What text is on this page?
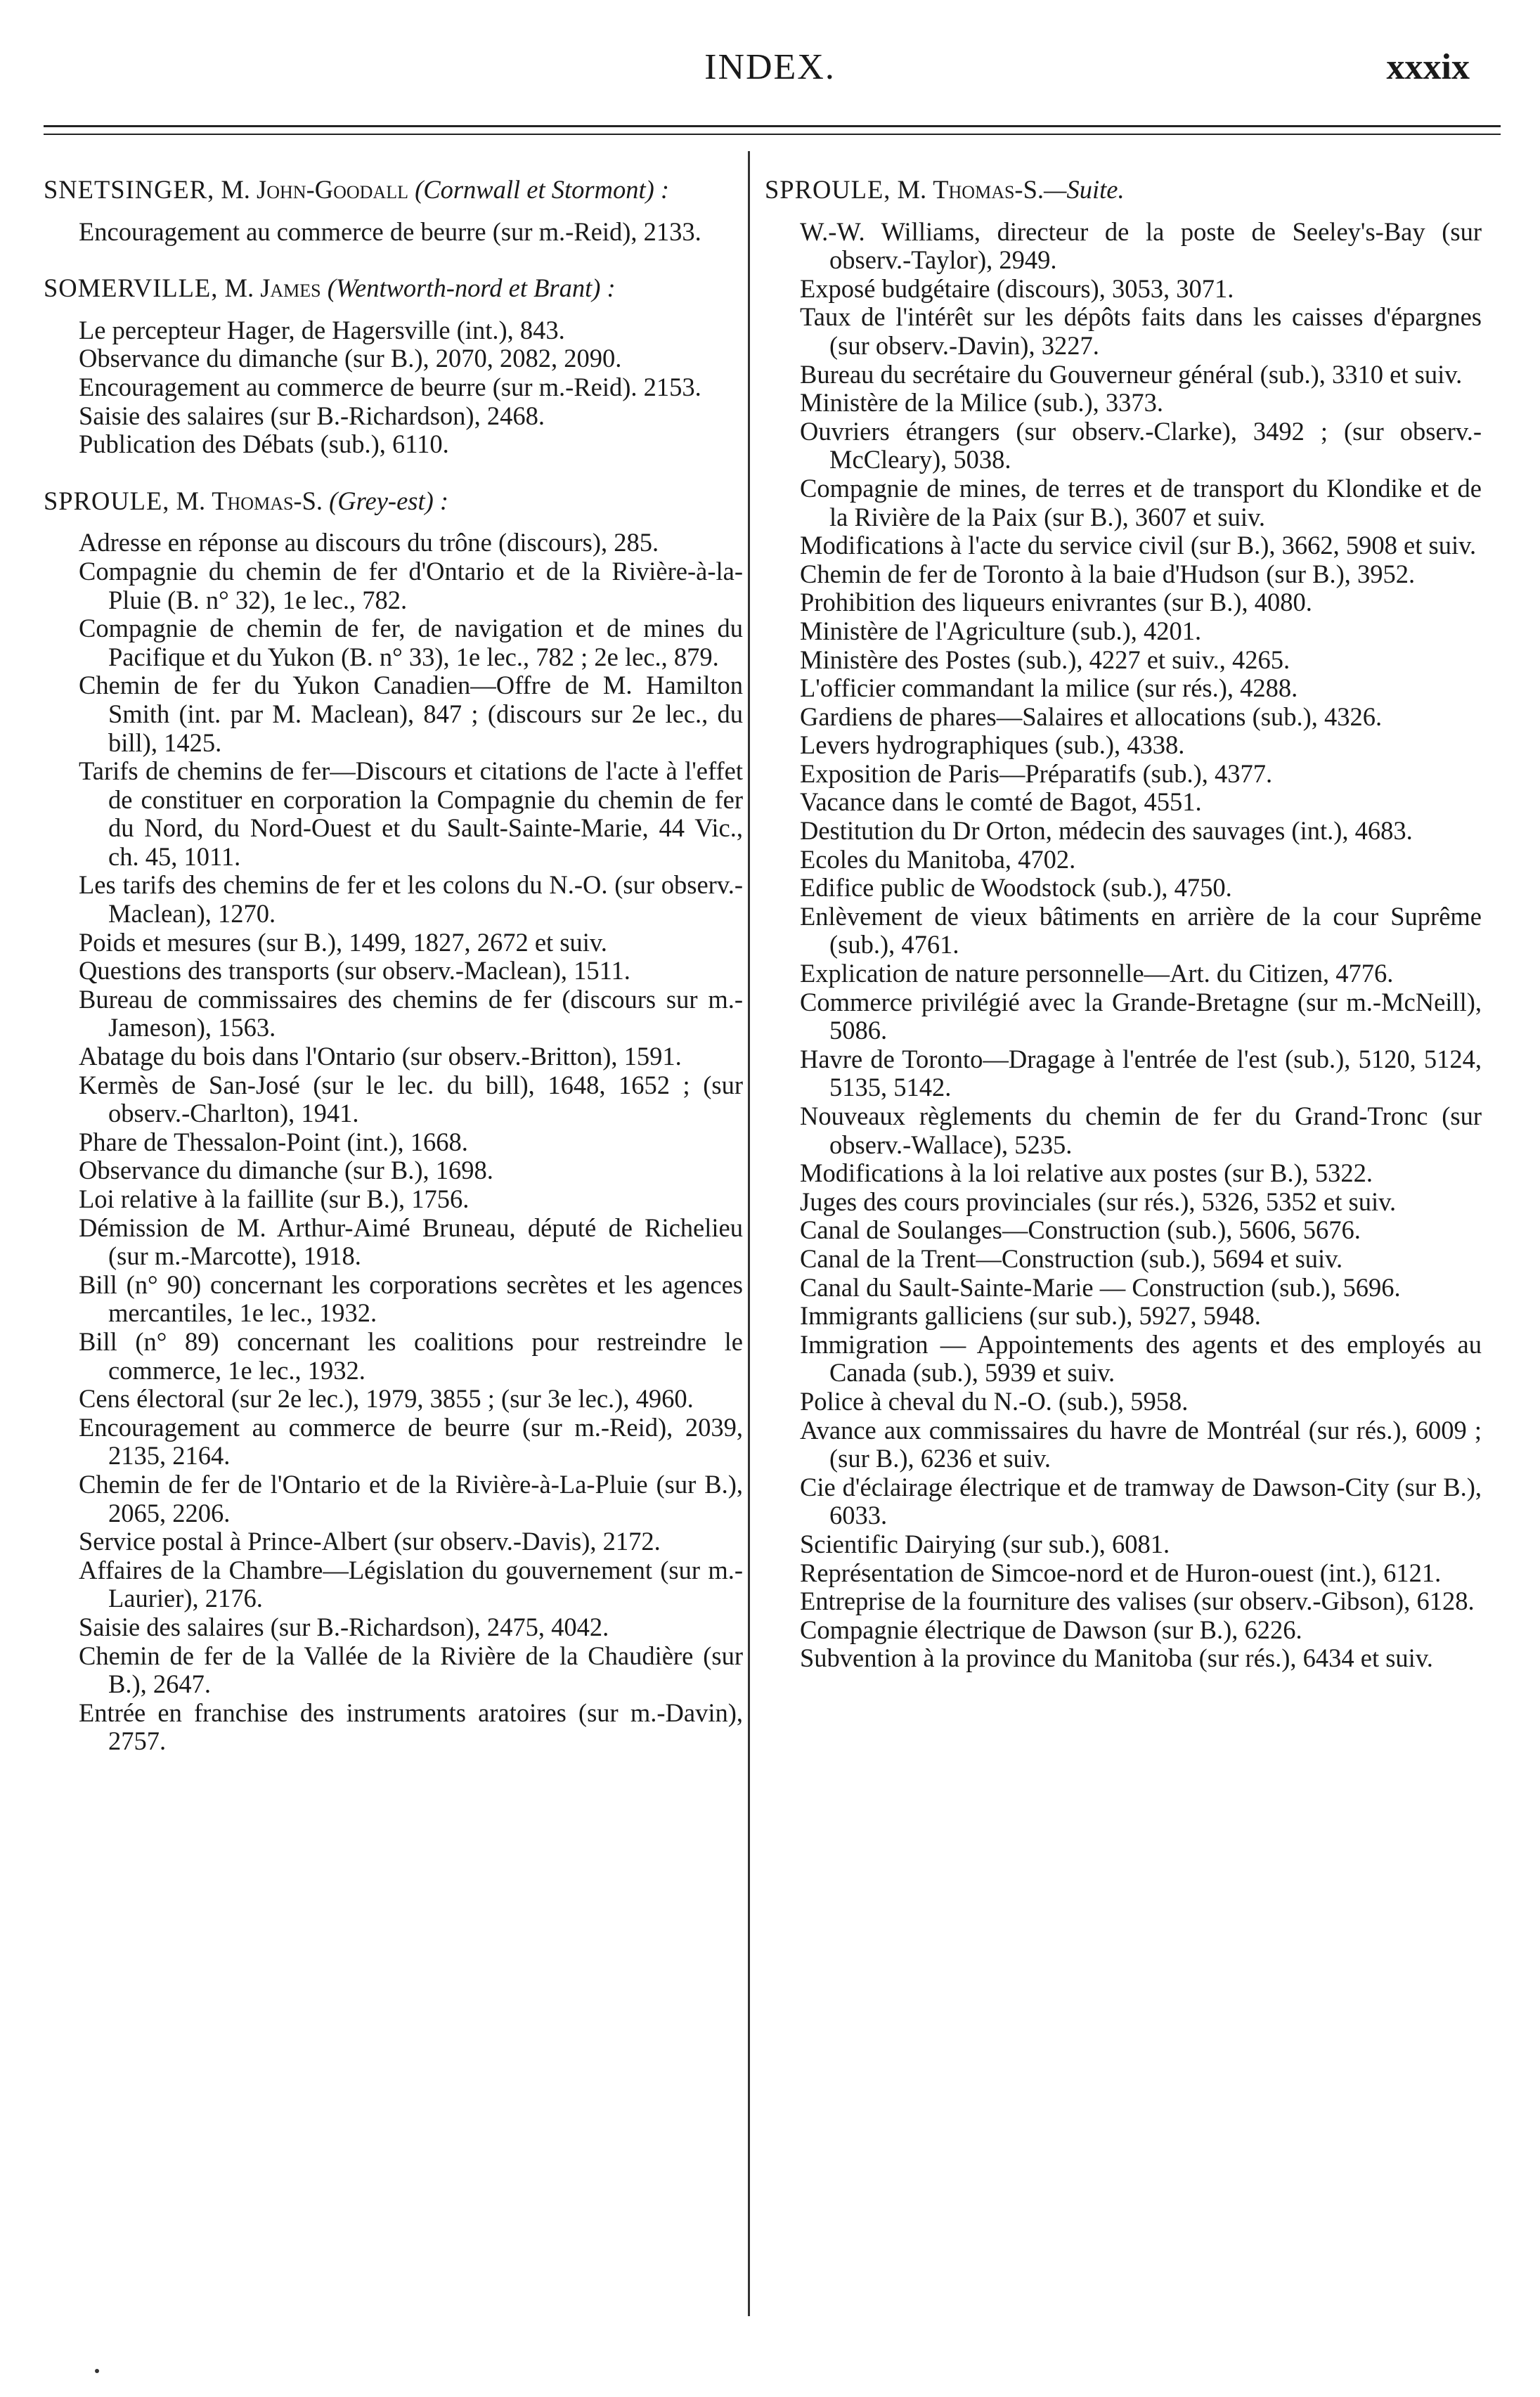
INDEX.	xxxix

SNETSINGER, M. John-Goodall (Cornwall et Stormont) :

Encouragement au commerce de beurre (sur m.-Reid), 2133.

SOMERVILLE, M. James (Wentworth-nord et Brant) :

Le percepteur Hager, de Hagersville (int.), 843.

Observance du dimanche (sur B.), 2070, 2082, 2090.

Encouragement au commerce de beurre (sur m.-Reid). 2153.

Saisie des salaires (sur B.-Richardson), 2468.

Publication des Débats (sub.), 6110.

SPROULE, M. Thomas-S. (Grey-est) :

Adresse en réponse au discours du trône (discours), 285.

Compagnie du chemin de fer d'Ontario et de la Rivière-à-la-Pluie (B. n° 32), 1e lec., 782.

Compagnie de chemin de fer, de navigation et de mines du Pacifique et du Yukon (B. n° 33), 1e lec., 782 ; 2e lec., 879.

Chemin de fer du Yukon Canadien—Offre de M. Hamilton Smith (int. par M. Maclean), 847 ; (discours sur 2e lec., du bill), 1425.

Tarifs de chemins de fer—Discours et citations de l'acte à l'effet de constituer en corporation la Compagnie du chemin de fer du Nord, du Nord-Ouest et du Sault-Sainte-Marie, 44 Vic., ch. 45, 1011.

Les tarifs des chemins de fer et les colons du N.-O. (sur observ.-Maclean), 1270.

Poids et mesures (sur B.), 1499, 1827, 2672 et suiv.

Questions des transports (sur observ.-Maclean), 1511.

Bureau de commissaires des chemins de fer (discours sur m.-Jameson), 1563.

Abatage du bois dans l'Ontario (sur observ.-Britton), 1591.

Kermès de San-José (sur le lec. du bill), 1648, 1652 ; (sur observ.-Charlton), 1941.

Phare de Thessalon-Point (int.), 1668.

Observance du dimanche (sur B.), 1698.

Loi relative à la faillite (sur B.), 1756.

Démission de M. Arthur-Aimé Bruneau, député de Richelieu (sur m.-Marcotte), 1918.

Bill (n° 90) concernant les corporations secrètes et les agences mercantiles, 1e lec., 1932.

Bill (n° 89) concernant les coalitions pour restreindre le commerce, 1e lec., 1932.

Cens électoral (sur 2e lec.), 1979, 3855 ; (sur 3e lec.), 4960.

Encouragement au commerce de beurre (sur m.-Reid), 2039, 2135, 2164.

Chemin de fer de l'Ontario et de la Rivière-à-La-Pluie (sur B.), 2065, 2206.

Service postal à Prince-Albert (sur observ.-Davis), 2172.

Affaires de la Chambre—Législation du gouvernement (sur m.-Laurier), 2176.

Saisie des salaires (sur B.-Richardson), 2475, 4042.

Chemin de fer de la Vallée de la Rivière de la Chaudière (sur B.), 2647.

Entrée en franchise des instruments aratoires (sur m.-Davin), 2757.

SPROULE, M. Thomas-S.—Suite.

W.-W. Williams, directeur de la poste de Seeley's-Bay (sur observ.-Taylor), 2949.

Exposé budgétaire (discours), 3053, 3071.

Taux de l'intérêt sur les dépôts faits dans les caisses d'épargnes (sur observ.-Davin), 3227.

Bureau du secrétaire du Gouverneur général (sub.), 3310 et suiv.

Ministère de la Milice (sub.), 3373.

Ouvriers étrangers (sur observ.-Clarke), 3492 ; (sur observ.-McCleary), 5038.

Compagnie de mines, de terres et de transport du Klondike et de la Rivière de la Paix (sur B.), 3607 et suiv.

Modifications à l'acte du service civil (sur B.), 3662, 5908 et suiv.

Chemin de fer de Toronto à la baie d'Hudson (sur B.), 3952.

Prohibition des liqueurs enivrantes (sur B.), 4080.

Ministère de l'Agriculture (sub.), 4201.

Ministère des Postes (sub.), 4227 et suiv., 4265.

L'officier commandant la milice (sur rés.), 4288.

Gardiens de phares—Salaires et allocations (sub.), 4326.

Levers hydrographiques (sub.), 4338.

Exposition de Paris—Préparatifs (sub.), 4377.

Vacance dans le comté de Bagot, 4551.

Destitution du Dr Orton, médecin des sauvages (int.), 4683.

Ecoles du Manitoba, 4702.

Edifice public de Woodstock (sub.), 4750.

Enlèvement de vieux bâtiments en arrière de la cour Suprême (sub.), 4761.

Explication de nature personnelle—Art. du Citizen, 4776.

Commerce privilégié avec la Grande-Bretagne (sur m.-McNeill), 5086.

Havre de Toronto—Dragage à l'entrée de l'est (sub.), 5120, 5124, 5135, 5142.

Nouveaux règlements du chemin de fer du Grand-Tronc (sur observ.-Wallace), 5235.

Modifications à la loi relative aux postes (sur B.), 5322.

Juges des cours provinciales (sur rés.), 5326, 5352 et suiv.

Canal de Soulanges—Construction (sub.), 5606, 5676.

Canal de la Trent—Construction (sub.), 5694 et suiv.

Canal du Sault-Sainte-Marie — Construction (sub.), 5696.

Immigrants galliciens (sur sub.), 5927, 5948.

Immigration — Appointements des agents et des employés au Canada (sub.), 5939 et suiv.

Police à cheval du N.-O. (sub.), 5958.

Avance aux commissaires du havre de Montréal (sur rés.), 6009 ; (sur B.), 6236 et suiv.

Cie d'éclairage électrique et de tramway de Dawson-City (sur B.), 6033.

Scientific Dairying (sur sub.), 6081.

Représentation de Simcoe-nord et de Huron-ouest (int.), 6121.

Entreprise de la fourniture des valises (sur observ.-Gibson), 6128.

Compagnie électrique de Dawson (sur B.), 6226.

Subvention à la province du Manitoba (sur rés.), 6434 et suiv.
